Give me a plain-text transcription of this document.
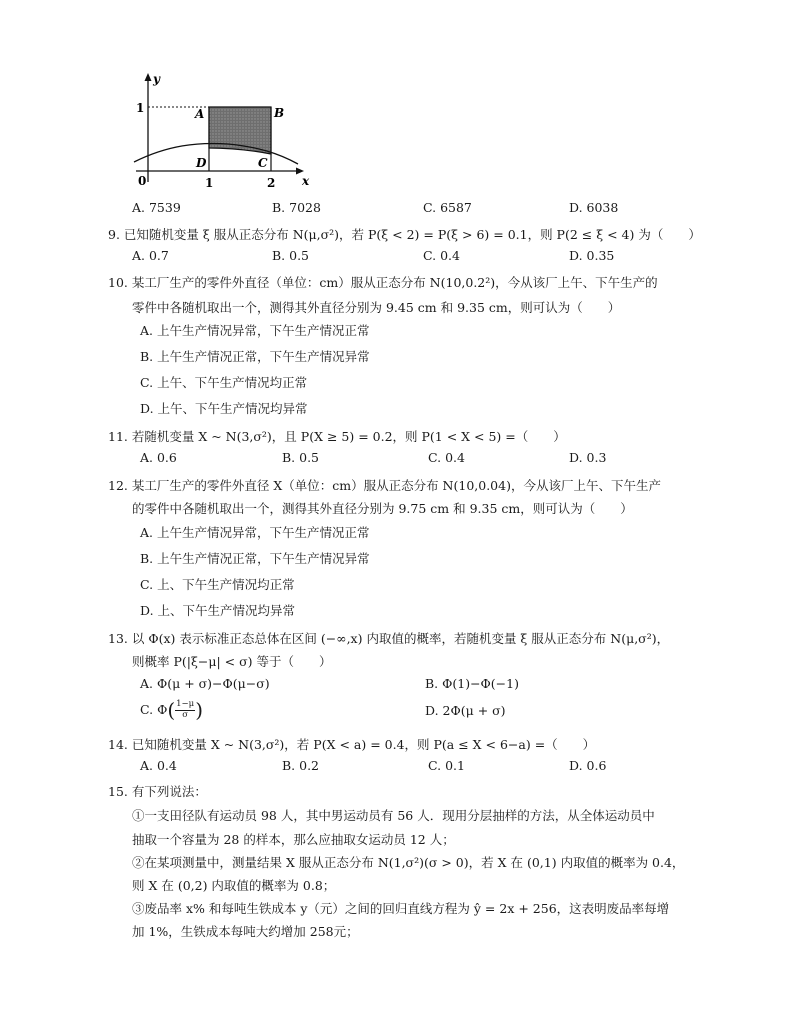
y
x
0
1
1	2
A	B
C
D
A. 7539	B. 7028	C. 6587	D. 6038
9. 已知随机变量 ξ 服从正态分布 N(μ,σ²)，若 P(ξ < 2) = P(ξ > 6) = 0.1，则 P(2 ≤ ξ < 4) 为（　　）
A. 0.7	B. 0.5	C. 0.4	D. 0.35
10. 某工厂生产的零件外直径（单位：cm）服从正态分布 N(10,0.2²)，今从该厂上午、下午生产的
零件中各随机取出一个，测得其外直径分别为 9.45 cm 和 9.35 cm，则可认为（　　）
A. 上午生产情况异常，下午生产情况正常
B. 上午生产情况正常，下午生产情况异常
C. 上午、下午生产情况均正常
D. 上午、下午生产情况均异常
11. 若随机变量 X ~ N(3,σ²)，且 P(X ≥ 5) = 0.2，则 P(1 < X < 5) =（　　）
A. 0.6	B. 0.5	C. 0.4	D. 0.3
12. 某工厂生产的零件外直径 X（单位：cm）服从正态分布 N(10,0.04)，今从该厂上午、下午生产
的零件中各随机取出一个，测得其外直径分别为 9.75 cm 和 9.35 cm，则可认为（　　）
A. 上午生产情况异常，下午生产情况正常
B. 上午生产情况正常，下午生产情况异常
C. 上、下午生产情况均正常
D. 上、下午生产情况均异常
13. 以 Φ(x) 表示标准正态总体在区间 (−∞,x) 内取值的概率，若随机变量 ξ 服从正态分布 N(μ,σ²)，
则概率 P(|ξ−μ| < σ) 等于（　　）
A. Φ(μ + σ)−Φ(μ−σ)	B. Φ(1)−Φ(−1)
C. $\Phi( \frac{1-\mu}{\sigma}$ )	D. 2Φ(μ + σ)
14. 已知随机变量 X ~ N(3,σ²)，若 P(X < a) = 0.4，则 P(a ≤ X < 6−a) =（　　）
A. 0.4	B. 0.2	C. 0.1	D. 0.6
15. 有下列说法：
①一支田径队有运动员 98 人，其中男运动员有 56 人．现用分层抽样的方法，从全体运动员中
抽取一个容量为 28 的样本，那么应抽取女运动员 12 人；
②在某项测量中，测量结果 X 服从正态分布 N(1,σ²)(σ > 0)，若 X 在 (0,1) 内取值的概率为 0.4，
则 X 在 (0,2) 内取值的概率为 0.8；
③废品率 x% 和每吨生铁成本 y（元）之间的回归直线方程为 ŷ = 2x + 256，这表明废品率每增
加 1%，生铁成本每吨大约增加 258元；
